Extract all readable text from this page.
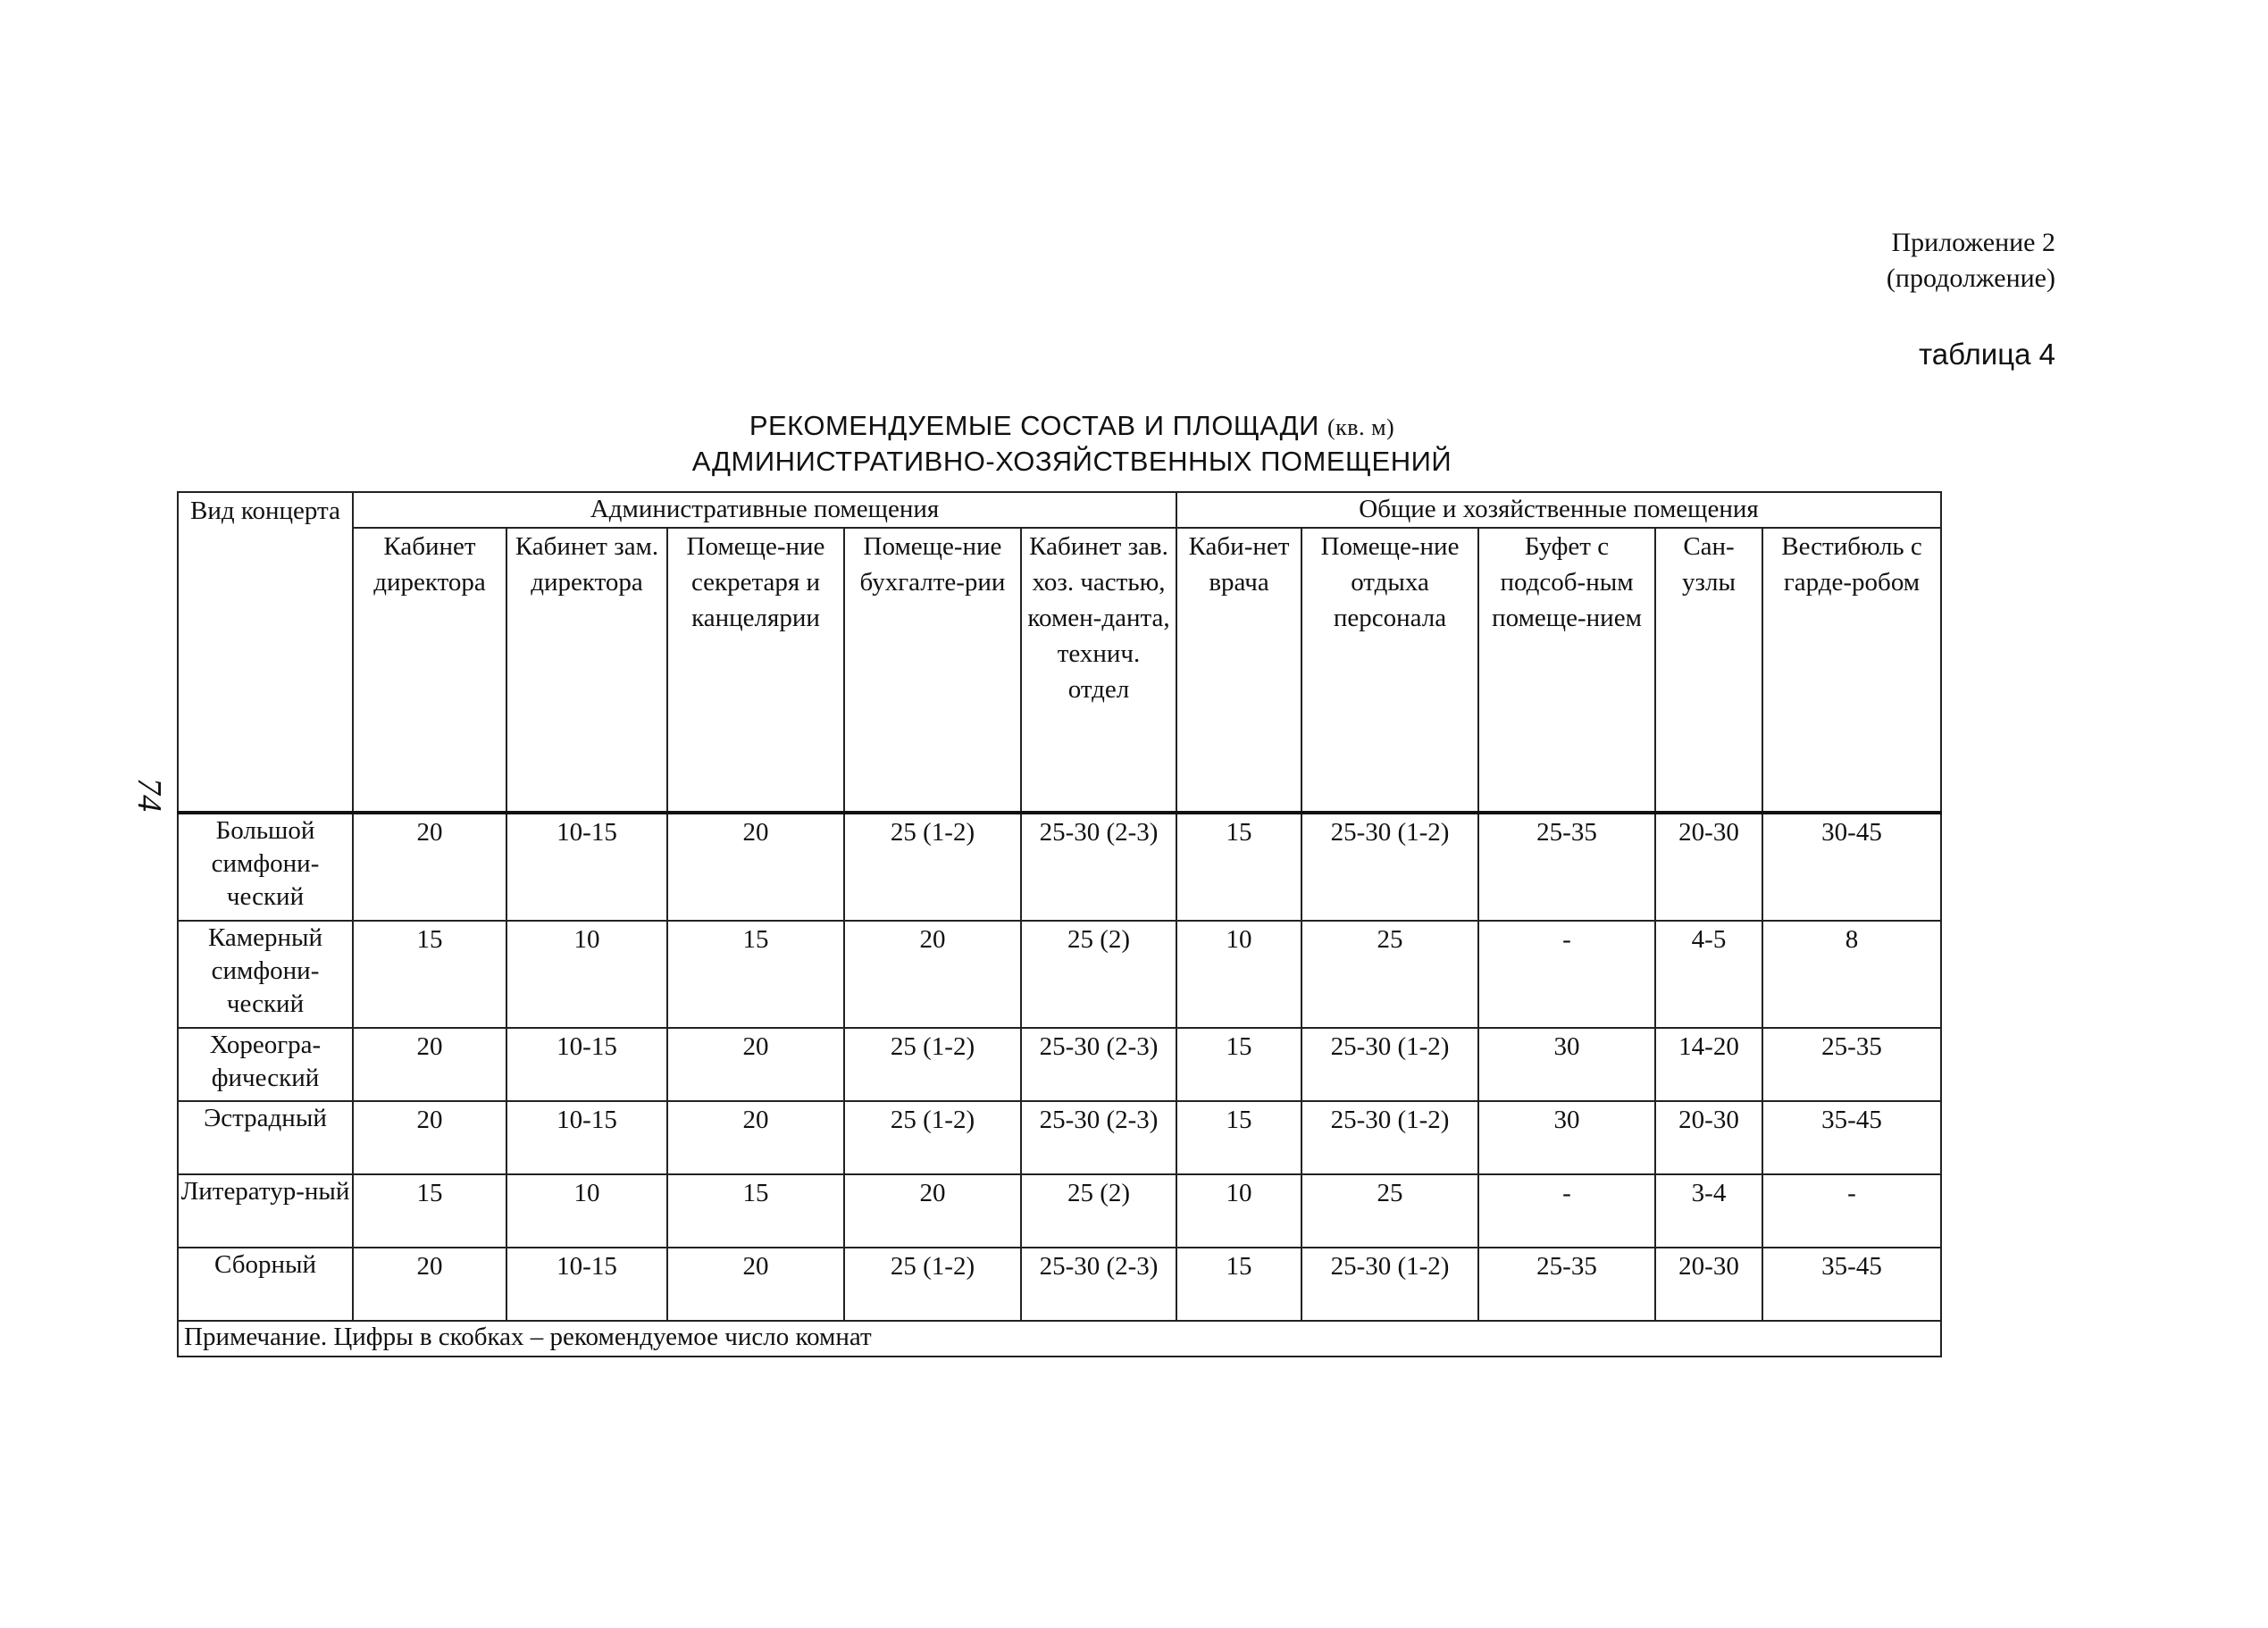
Приложение 2
(продолжение)
таблица 4
74
РЕКОМЕНДУЕМЫЕ СОСТАВ И ПЛОЩАДИ (кв. м)
АДМИНИСТРАТИВНО-ХОЗЯЙСТВЕННЫХ ПОМЕЩЕНИЙ
Вид концерта	Административные помещения					Общие и хозяйственные помещения				
	Кабинет директора	Кабинет зам. директора	Помеще-ние секретаря и канцелярии	Помеще-ние бухгалте-рии	Кабинет зав. хоз. частью, комен-данта, технич. отдел	Каби-нет врача	Помеще-ние отдыха персонала	Буфет с подсоб-ным помеще-нием	Сан-узлы	Вестибюль с гарде-робом
Большой симфони-ческий	20	10-15	20	25 (1-2)	25-30 (2-3)	15	25-30 (1-2)	25-35	20-30	30-45
Камерный симфони-ческий	15	10	15	20	25 (2)	10	25	-	4-5	8
Хореогра-фический	20	10-15	20	25 (1-2)	25-30 (2-3)	15	25-30 (1-2)	30	14-20	25-35
Эстрадный	20	10-15	20	25 (1-2)	25-30 (2-3)	15	25-30 (1-2)	30	20-30	35-45
Литератур-ный	15	10	15	20	25 (2)	10	25	-	3-4	-
Сборный	20	10-15	20	25 (1-2)	25-30 (2-3)	15	25-30 (1-2)	25-35	20-30	35-45
Примечание. Цифры в скобках – рекомендуемое число комнат										
